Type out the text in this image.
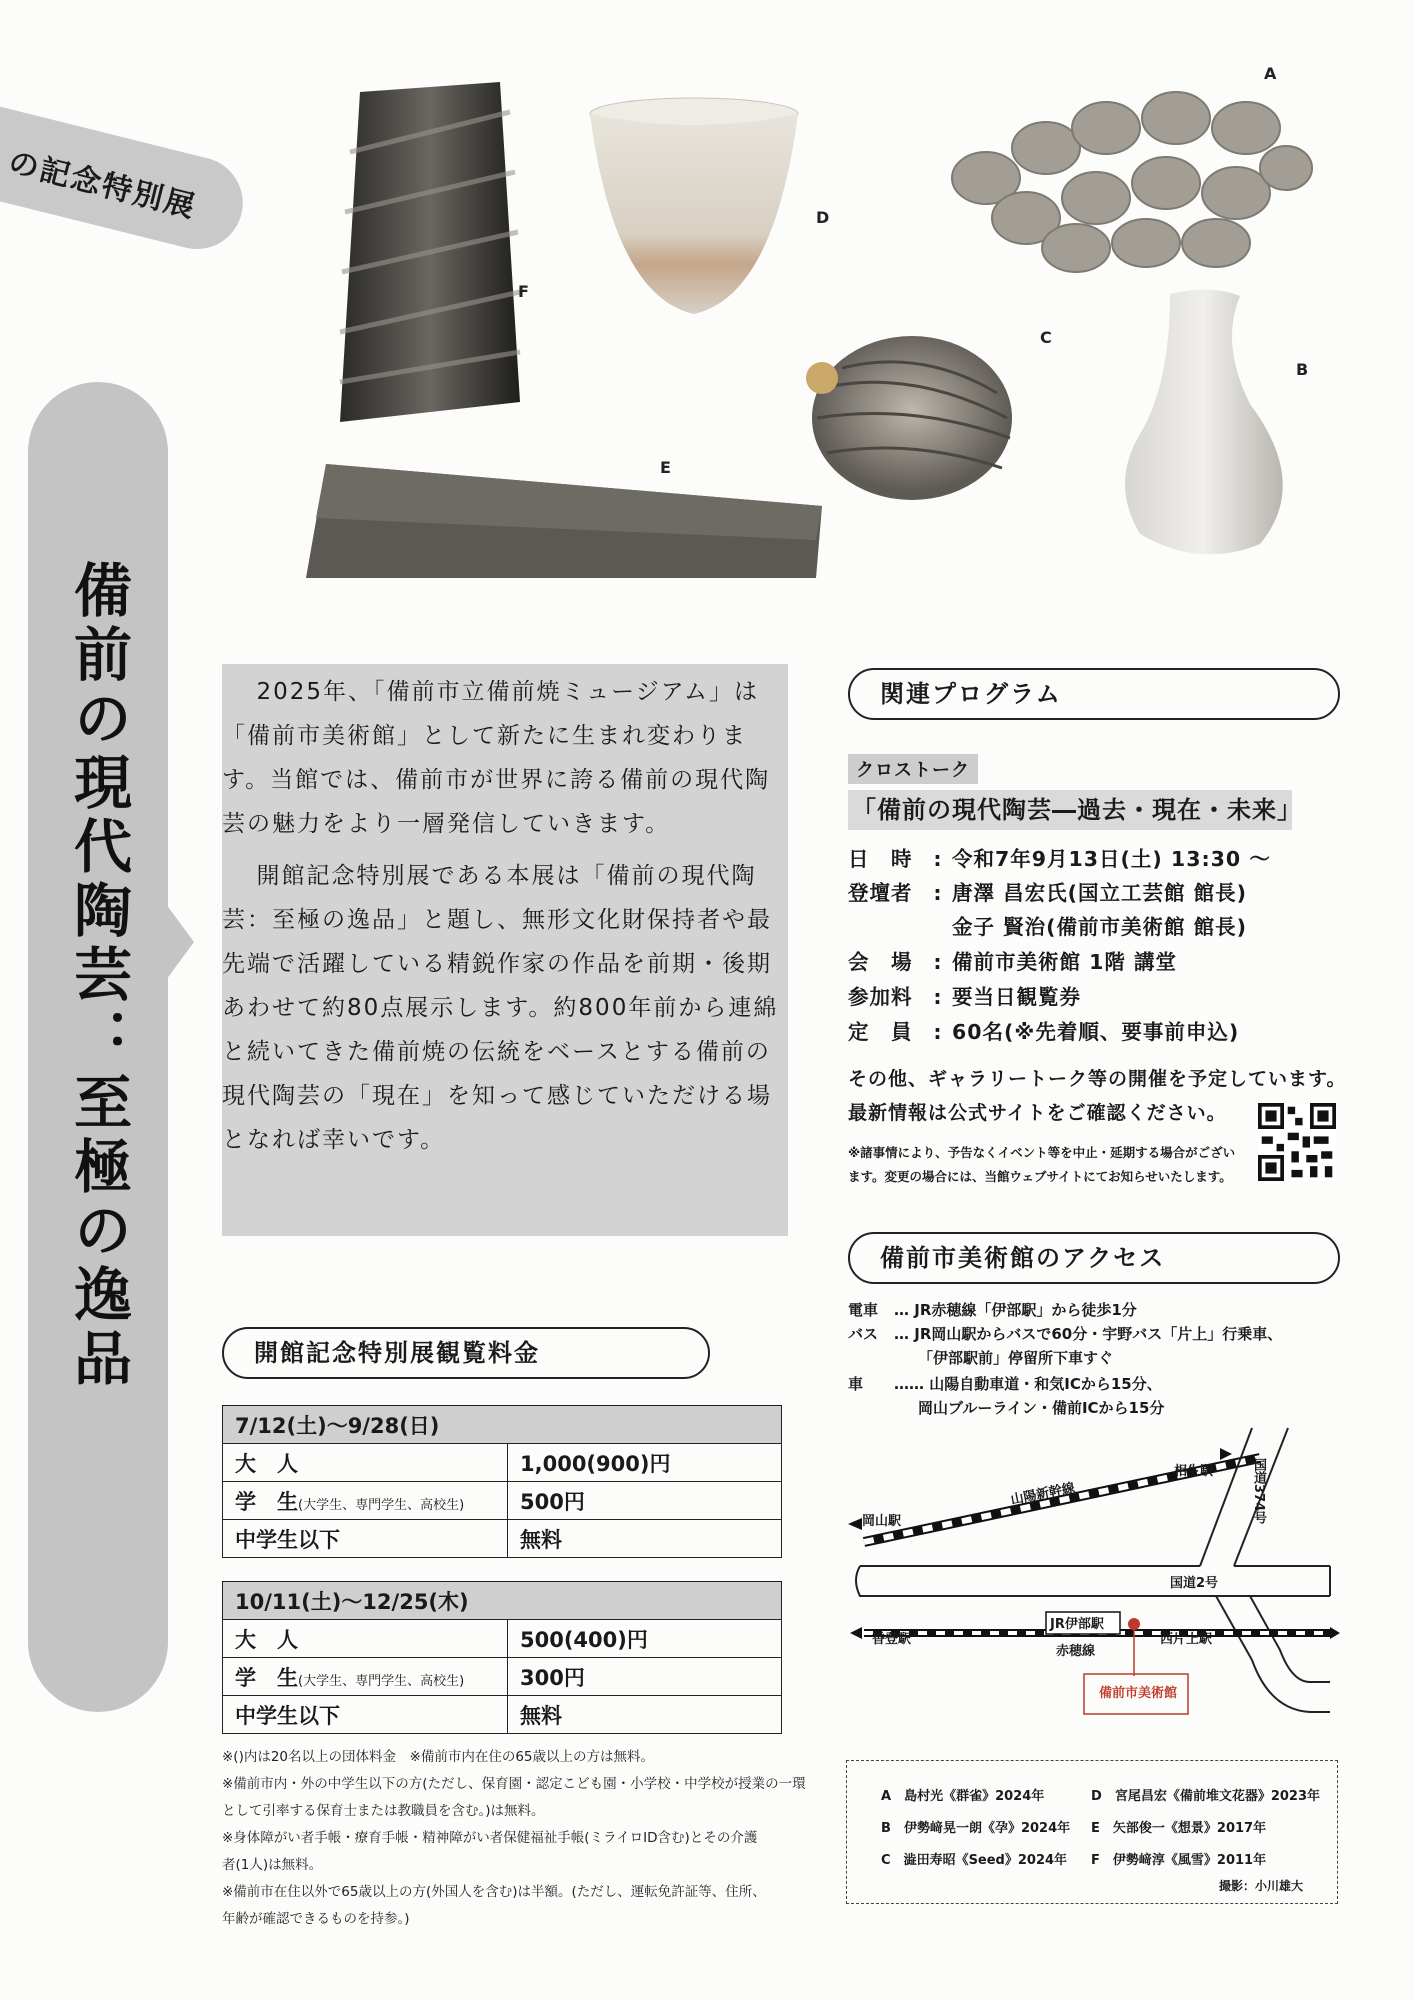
の記念特別展
備前の現代陶芸：至極の逸品
F
D
A
C
B
E

2025年、「備前市立備前焼ミュージアム」は「備前市美術館」として新たに生まれ変わります。当館では、備前市が世界に誇る備前の現代陶芸の魅力をより一層発信していきます。

開館記念特別展である本展は「備前の現代陶芸：至極の逸品」と題し、無形文化財保持者や最先端で活躍している精鋭作家の作品を前期・後期あわせて約80点展示します。約800年前から連綿と続いてきた備前焼の伝統をベースとする備前の現代陶芸の「現在」を知って感じていただける場となれば幸いです。

開館記念特別展観覧料金
7/12(土)～9/28(日)	
大　人	1,000(900)円
学　生(大学生、専門学生、高校生)	500円
中学生以下	無料
10/11(土)～12/25(木)	
大　人	500(400)円
学　生(大学生、専門学生、高校生)	300円
中学生以下	無料
※()内は20名以上の団体料金　※備前市内在住の65歳以上の方は無料。
※備前市内・外の中学生以下の方(ただし、保育園・認定こども園・小学校・中学校が授業の一環
として引率する保育士または教職員を含む。)は無料。
※身体障がい者手帳・療育手帳・精神障がい者保健福祉手帳(ミライロID含む)とその介護
者(1人)は無料。
※備前市在住以外で65歳以上の方(外国人を含む)は半額。(ただし、運転免許証等、住所、
年齢が確認できるものを持参。)
関連プログラム
クロストーク
「備前の現代陶芸―過去・現在・未来」
日　時 : 令和7年9月13日(土) 13:30 ～
登壇者 : 唐澤 昌宏氏(国立工芸館 館長)
金子 賢治(備前市美術館 館長)
会　場 : 備前市美術館 1階 講堂
参加料 : 要当日観覧券
定　員 : 60名(※先着順、要事前申込)
その他、ギャラリートーク等の開催を予定しています。
最新情報は公式サイトをご確認ください。
※諸事情により、予告なくイベント等を中止・延期する場合がございます。変更の場合には、当館ウェブサイトにてお知らせいたします。
備前市美術館のアクセス
電車 … JR赤穂線「伊部駅」から徒歩1分
バス … JR岡山駅からバスで60分・宇野バス「片上」行乗車、
「伊部駅前」停留所下車すぐ
車 …… 山陽自動車道・和気ICから15分、
岡山ブルーライン・備前ICから15分
岡山駅
山陽新幹線
相生駅	国道374号
国道2号
JR伊部駅
香登駅
赤穂線
西片上駅
備前市美術館
A　 島村光《群雀》2024年	D　 宮尾昌宏《備前堆文花器》2023年
B　 伊勢﨑晃一朗《孕》2024年 E　 矢部俊一《想景》2017年
C　 澁田寿昭《Seed》2024年 F　 伊勢﨑淳《風雪》2011年
撮影：小川雄大
